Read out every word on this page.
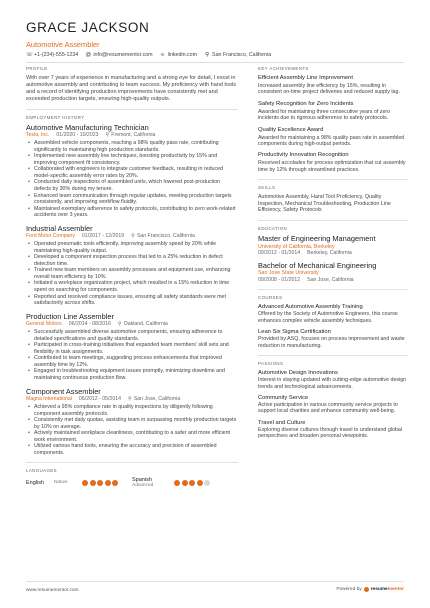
GRACE JACKSON
Automotive Assembler
☏ +1-(234)-555-1234 @ info@resumementor.com ∞ linkedin.com ⚲ San Francisco, California
PROFILE
With over 7 years of experience in manufacturing and a strong eye for detail, I excel in automotive assembly and contributing to team success. My proficiency with hand tools and a record of identifying production improvements have consistently met and exceeded production targets, ensuring high-quality outputs.
EMPLOYMENT HISTORY
Automotive Manufacturing Technician
Tesla, Inc. 01/2020 - 10/2023 ⚲ Fremont, California
• Assembled vehicle components, reaching a 98% quality pass rate, contributing significantly to maintaining high production standards.
• Implemented new assembly line techniques, boosting productivity by 15% and improving component fit consistency.
• Collaborated with engineers to integrate customer feedback, resulting in reduced model-specific assembly error rates by 20%.
• Conducted daily inspections of assembled units, which lowered post-production defects by 30% during my tenure.
• Enhanced team communication through regular updates, meeting production targets consistently, and improving workflow fluidity.
• Maintained exemplary adherence to safety protocols, contributing to zero work-related accidents over 3 years.
Industrial Assembler
Ford Motor Company 01/2017 - 12/2019 ⚲ San Francisco, California
• Operated pneumatic tools efficiently, improving assembly speed by 20% while maintaining high-quality output.
• Developed a component inspection process that led to a 25% reduction in defect detection time.
• Trained new team members on assembly processes and equipment use, enhancing overall team efficiency by 10%.
• Initiated a workplace organization project, which resulted in a 15% reduction in time spent on searching for components.
• Reported and resolved compliance issues, ensuring all safety standards were met satisfactorily across shifts.
Production Line Assembler
General Motors 06/2014 - 08/2016 ⚲ Oakland, California
• Successfully assembled diverse automotive components, ensuring adherence to detailed specifications and quality standards.
• Participated in cross-training initiatives that expanded team members' skill sets and flexibility in task assignments.
• Contributed to team meetings, suggesting process enhancements that improved assembly time by 12%.
• Engaged in troubleshooting equipment issues promptly, minimizing downtime and maintaining continuous production flow.
Component Assembler
Magna International 06/2012 - 05/2014 ⚲ San Jose, California
• Achieved a 95% compliance rate in quality inspections by diligently following component assembly protocols.
• Consistently met daily quotas, assisting team in surpassing monthly production targets by 10% on average.
• Actively maintained workplace cleanliness, contributing to a safer and more efficient work environment.
• Utilized various hand tools, ensuring the accuracy and precision of assembled components.
LANGUAGES
English Native	Spanish
Advanced
KEY ACHIEVEMENTS
Efficient Assembly Line Improvement
Increased assembly line efficiency by 15%, resulting in consistent on-time project deliveries and reduced supply lag.
Safety Recognition for Zero Incidents
Awarded for maintaining three consecutive years of zero incidents due to rigorous adherence to safety protocols.
Quality Excellence Award
Awarded for maintaining a 98% quality pass rate in assembled components during high-output periods.
Productivity Innovation Recognition
Received accolades for process optimization that cut assembly time by 12% through streamlined practices.
SKILLS
Automotive Assembly, Hand Tool Proficiency, Quality Inspection, Mechanical Troubleshooting, Production Line Efficiency, Safety Protocols
EDUCATION
Master of Engineering Management
University of California, Berkeley
09/2012 - 01/2014 Berkeley, California
Bachelor of Mechanical Engineering
San Jose State University
09/2008 - 01/2012 San Jose, California
COURSES
Advanced Automotive Assembly Training
Offered by the Society of Automotive Engineers, this course enhances complex vehicle assembly techniques.
Lean Six Sigma Certification
Provided by ASQ, focuses on process improvement and waste reduction in manufacturing.
PASSIONS
Automotive Design Innovations
Interest in staying updated with cutting-edge automotive design trends and technological advancements.
Community Service
Active participation in various community service projects to support local charities and enhance community well-being.
Travel and Culture
Exploring diverse cultures through travel to understand global perspectives and broaden personal viewpoints.
www.resumementor.com	Powered by resumementor
